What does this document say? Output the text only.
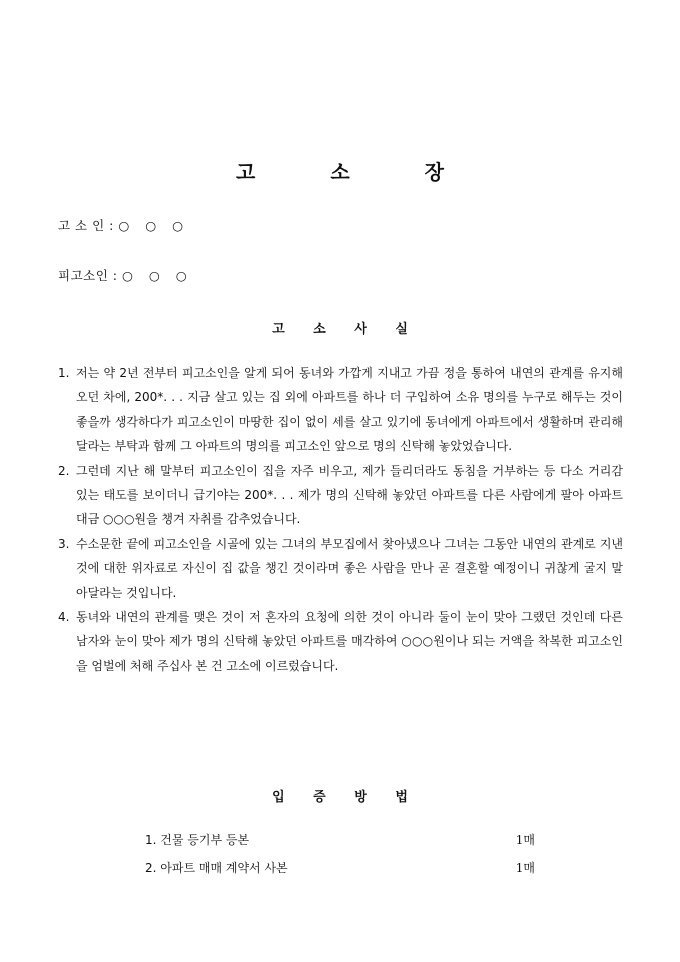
고 소 장
고 소 인 : ○ ○ ○
피고소인 : ○ ○ ○
고 소 사 실
1. 저는 약 2년 전부터 피고소인을 알게 되어 동녀와 가깝게 지내고 가끔 정을 통하여 내연의 관계를 유지해 오던 차에, 200*. . . 지금 살고 있는 집 외에 아파트를 하나 더 구입하여 소유 명의를 누구로 해두는 것이 좋을까 생각하다가 피고소인이 마땅한 집이 없이 세를 살고 있기에 동녀에게 아파트에서 생활하며 관리해달라는 부탁과 함께 그 아파트의 명의를 피고소인 앞으로 명의 신탁해 놓았었습니다.
2. 그런데 지난 해 말부터 피고소인이 집을 자주 비우고, 제가 들리더라도 동침을 거부하는 등 다소 거리감 있는 태도를 보이더니 급기야는 200*. . . 제가 명의 신탁해 놓았던 아파트를 다른 사람에게 팔아 아파트 대금 ○○○원을 챙겨 자취를 감추었습니다.
3. 수소문한 끝에 피고소인을 시골에 있는 그녀의 부모집에서 찾아냈으나 그녀는 그동안 내연의 관계로 지낸 것에 대한 위자료로 자신이 집 값을 챙긴 것이라며 좋은 사람을 만나 곧 결혼할 예정이니 귀찮게 굴지 말아달라는 것입니다.
4. 동녀와 내연의 관계를 맺은 것이 저 혼자의 요청에 의한 것이 아니라 둘이 눈이 맞아 그랬던 것인데 다른 남자와 눈이 맞아 제가 명의 신탁해 놓았던 아파트를 매각하여 ○○○원이나 되는 거액을 착복한 피고소인을 엄벌에 처해 주십사 본 건 고소에 이르렀습니다.
입 증 방 법
1. 건물 등기부 등본	1매
2. 아파트 매매 계약서 사본	1매
